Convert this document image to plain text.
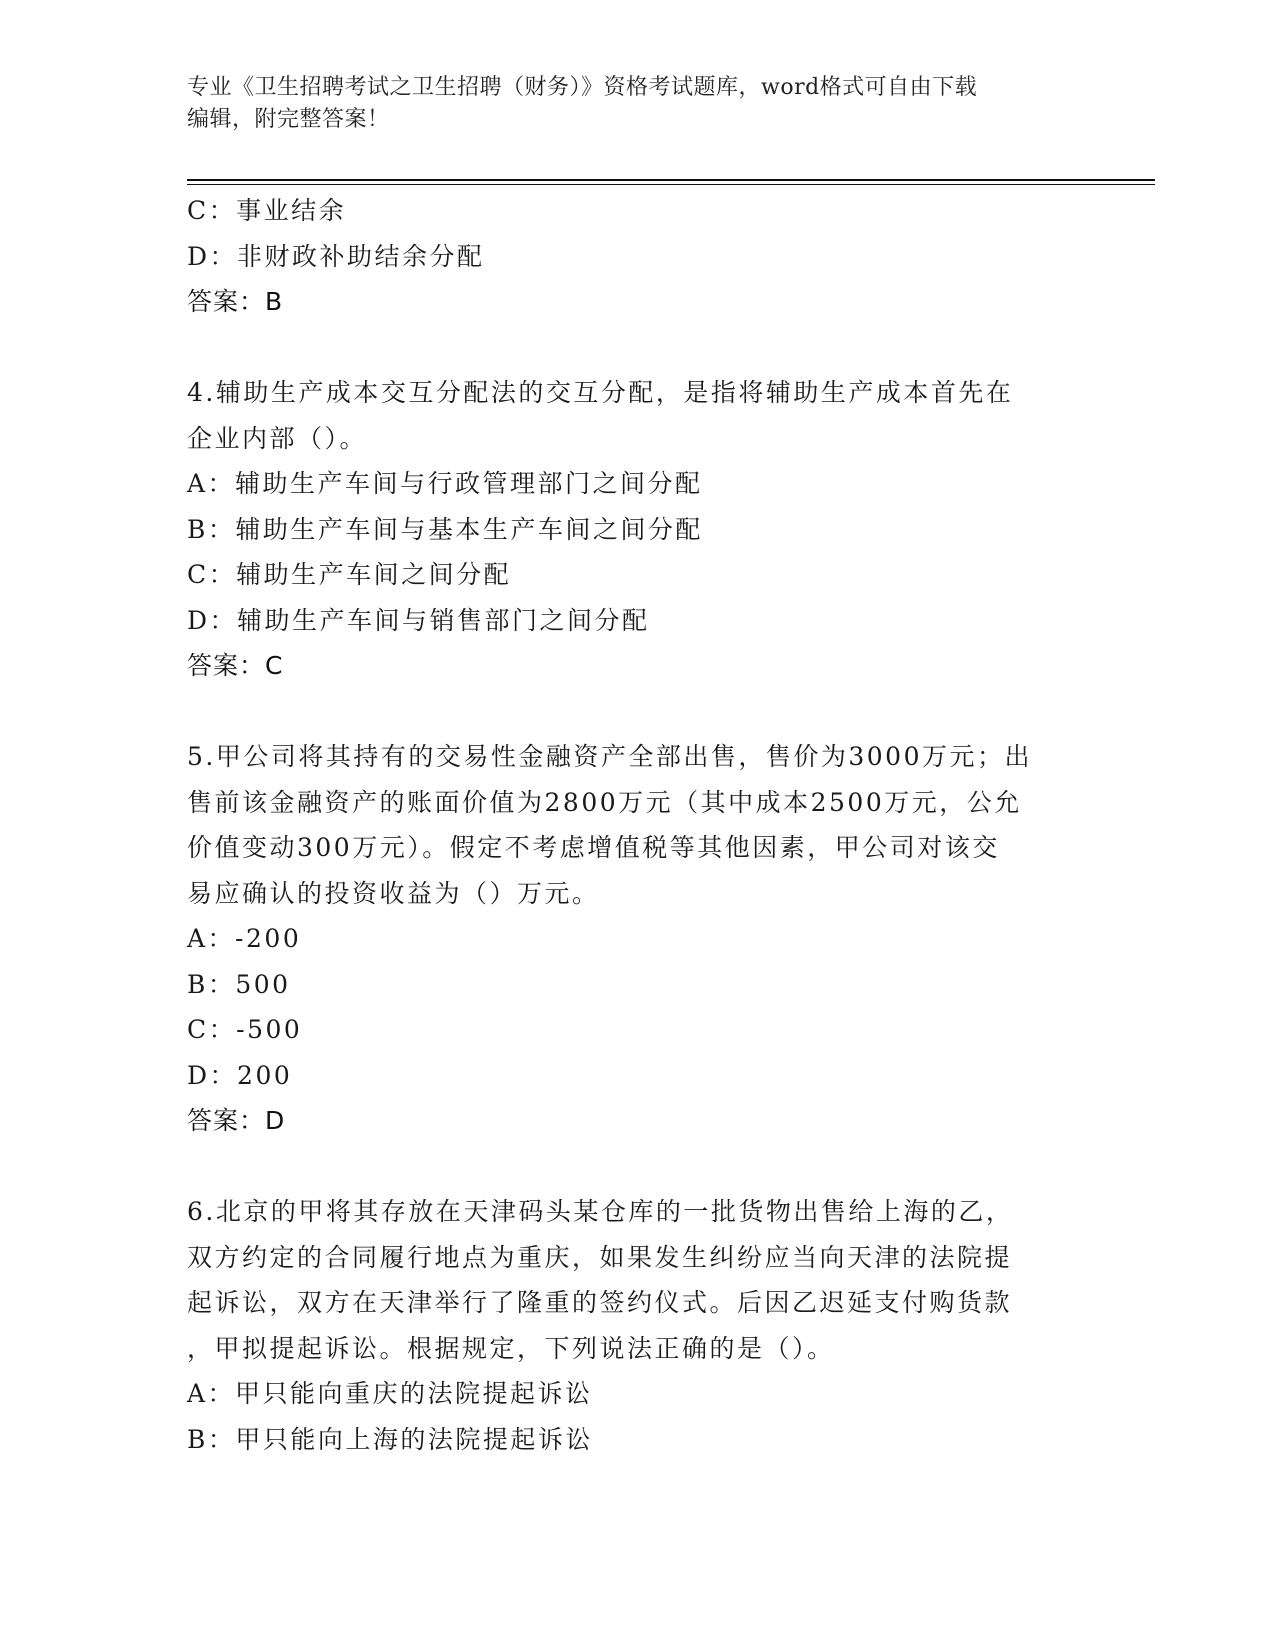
专业《卫生招聘考试之卫生招聘（财务）》资格考试题库，word格式可自由下载
编辑，附完整答案！
C：事业结余
D：非财政补助结余分配
答案：B
4.辅助生产成本交互分配法的交互分配，是指将辅助生产成本首先在
企业内部（）。
A：辅助生产车间与行政管理部门之间分配
B：辅助生产车间与基本生产车间之间分配
C：辅助生产车间之间分配
D：辅助生产车间与销售部门之间分配
答案：C
5.甲公司将其持有的交易性金融资产全部出售，售价为3000万元；出
售前该金融资产的账面价值为2800万元（其中成本2500万元，公允
价值变动300万元）。假定不考虑增值税等其他因素，甲公司对该交
易应确认的投资收益为（）万元。
A：-200
B：500
C：-500
D：200
答案：D
6.北京的甲将其存放在天津码头某仓库的一批货物出售给上海的乙，
双方约定的合同履行地点为重庆，如果发生纠纷应当向天津的法院提
起诉讼，双方在天津举行了隆重的签约仪式。后因乙迟延支付购货款
，甲拟提起诉讼。根据规定，下列说法正确的是（）。
A：甲只能向重庆的法院提起诉讼
B：甲只能向上海的法院提起诉讼
